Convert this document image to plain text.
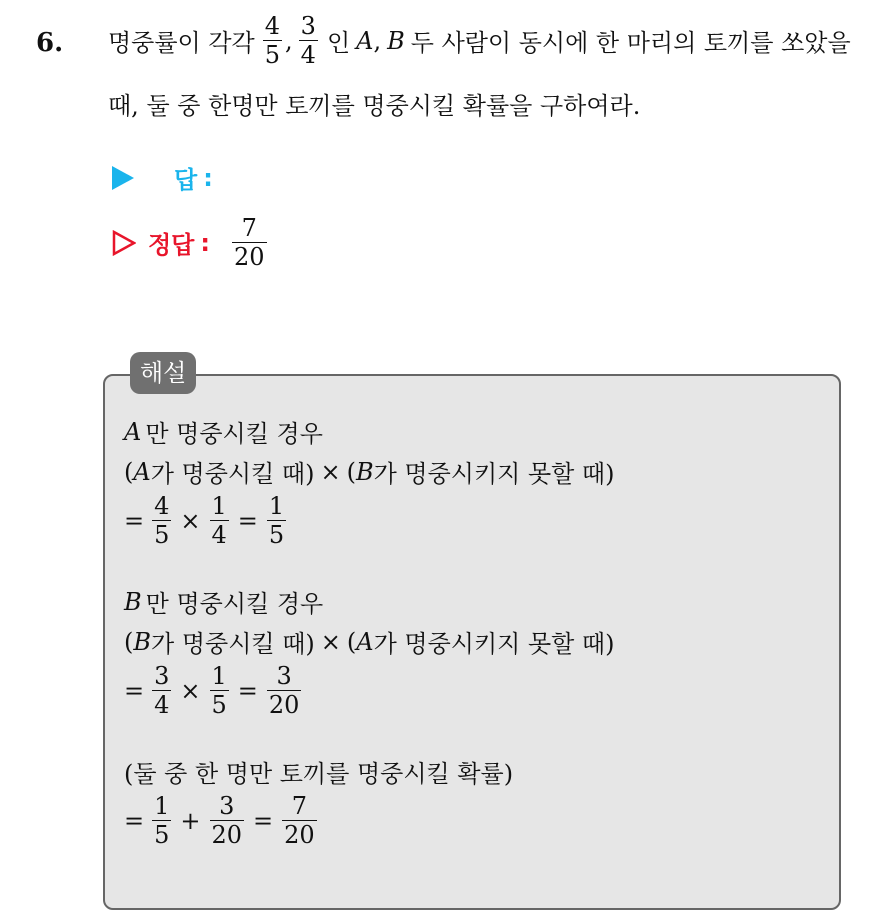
6. 명중률이 각각 $\frac{4}{5}$ , $\frac{3}{4}$ 인 A , B 두 사람이 동시에 한 마리의 토끼를 쏘았을
때, 둘 중 한명만 토끼를 명중시킬 확률을 구하여라.
답 :
정답 : $\frac{7}{20}$
해설
A 만 명중시킬 경우
( A 가 명중시킬 때) × ( B 가 명중시키지 못할 때)
= $\frac{4}{5} \times \frac{1}{4} = \frac{1}{5}$
B 만 명중시킬 경우
( B 가 명중시킬 때) × ( A 가 명중시키지 못할 때)
= $\frac{3}{4} \times \frac{1}{5} = \frac{3}{20}$
(둘 중 한 명만 토끼를 명중시킬 확률)
= $\frac{1}{5} + \frac{3}{20} = \frac{7}{20}$
